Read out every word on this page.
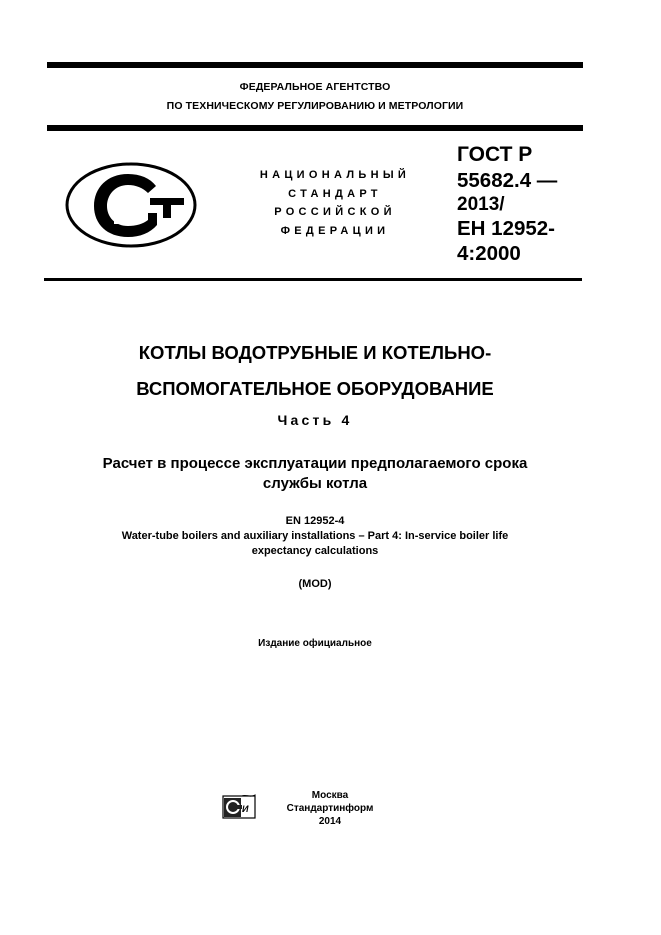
ФЕДЕРАЛЬНОЕ АГЕНТСТВО
ПО ТЕХНИЧЕСКОМУ РЕГУЛИРОВАНИЮ И МЕТРОЛОГИИ
НАЦИОНАЛЬНЫЙ
СТАНДАРТ
РОССИЙСКОЙ
ФЕДЕРАЦИИ
ГОСТ Р
55682.4 —
2013/
ЕН 12952-
4:2000
КОТЛЫ ВОДОТРУБНЫЕ И КОТЕЛЬНО-
ВСПОМОГАТЕЛЬНОЕ ОБОРУДОВАНИЕ
Часть 4
Расчет в процессе эксплуатации предполагаемого срока
службы котла
EN 12952-4
Water-tube boilers and auxiliary installations – Part 4: In-service boiler life
expectancy calculations
(MOD)
Издание официальное
И
Москва
Стандартинформ
2014
